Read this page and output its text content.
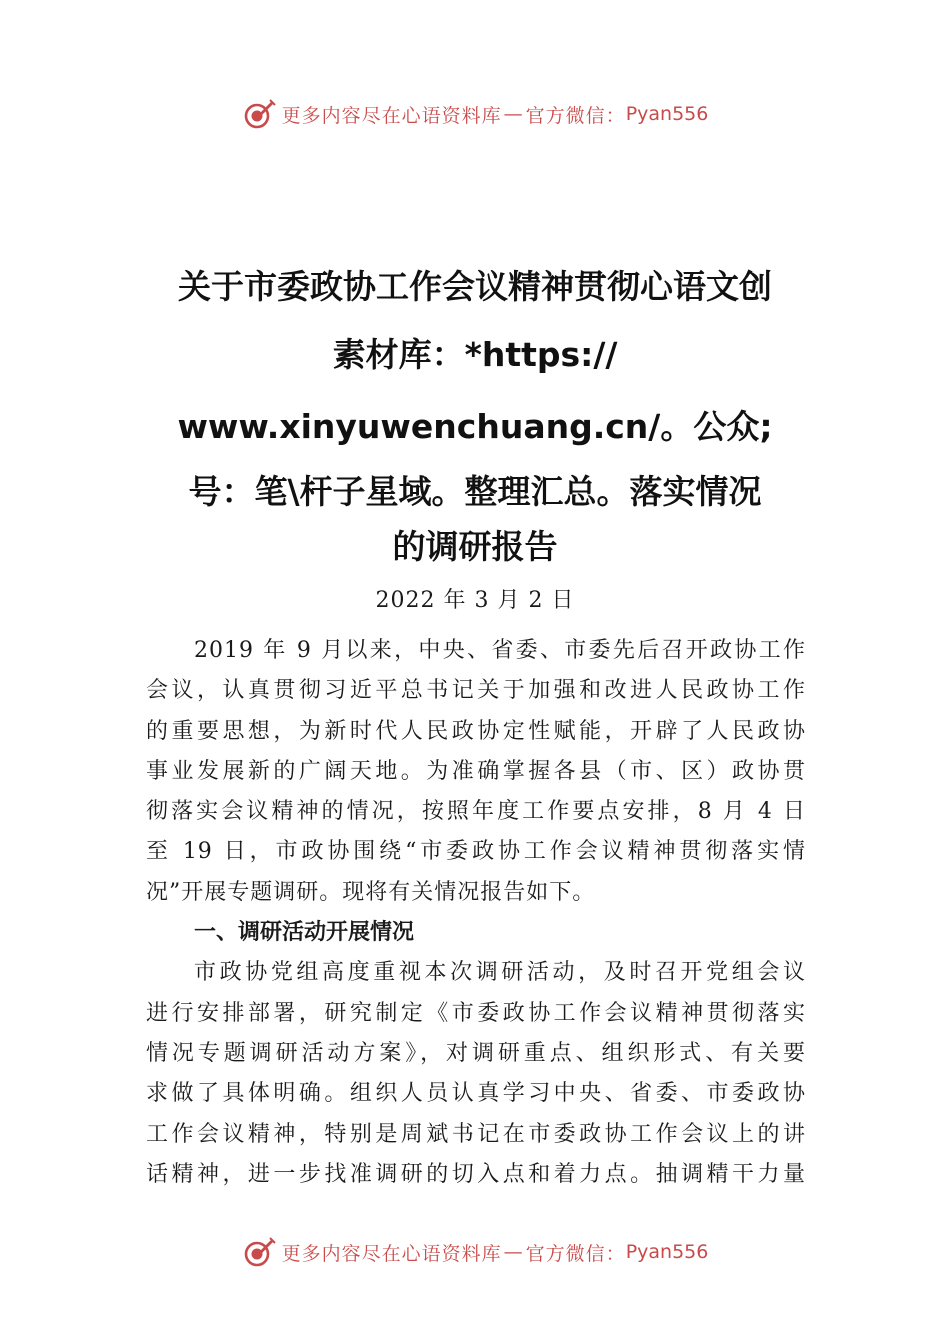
更多内容尽在心语资料库 — 官方微信： Pyan556
关于市委政协工作会议精神贯彻心语文创
素材库：*https://
www.xinyuwenchuang.cn/。公众;
号：笔\杆子星域。整理汇总。落实情况
的调研报告
2022 年 3 月 2 日
2019 年 9 月以来，中央、省委、市委先后召开政协工作
会议，认真贯彻习近平总书记关于加强和改进人民政协工作
的重要思想，为新时代人民政协定性赋能，开辟了人民政协
事业发展新的广阔天地。为准确掌握各县（市、区）政协贯
彻落实会议精神的情况，按照年度工作要点安排，8 月 4 日
至 19 日，市政协围绕“市委政协工作会议精神贯彻落实情
况”开展专题调研。现将有关情况报告如下。
一、调研活动开展情况
市政协党组高度重视本次调研活动，及时召开党组会议
进行安排部署，研究制定《市委政协工作会议精神贯彻落实
情况专题调研活动方案》，对调研重点、组织形式、有关要
求做了具体明确。组织人员认真学习中央、省委、市委政协
工作会议精神，特别是周斌书记在市委政协工作会议上的讲
话精神，进一步找准调研的切入点和着力点。抽调精干力量
更多内容尽在心语资料库 — 官方微信： Pyan556
